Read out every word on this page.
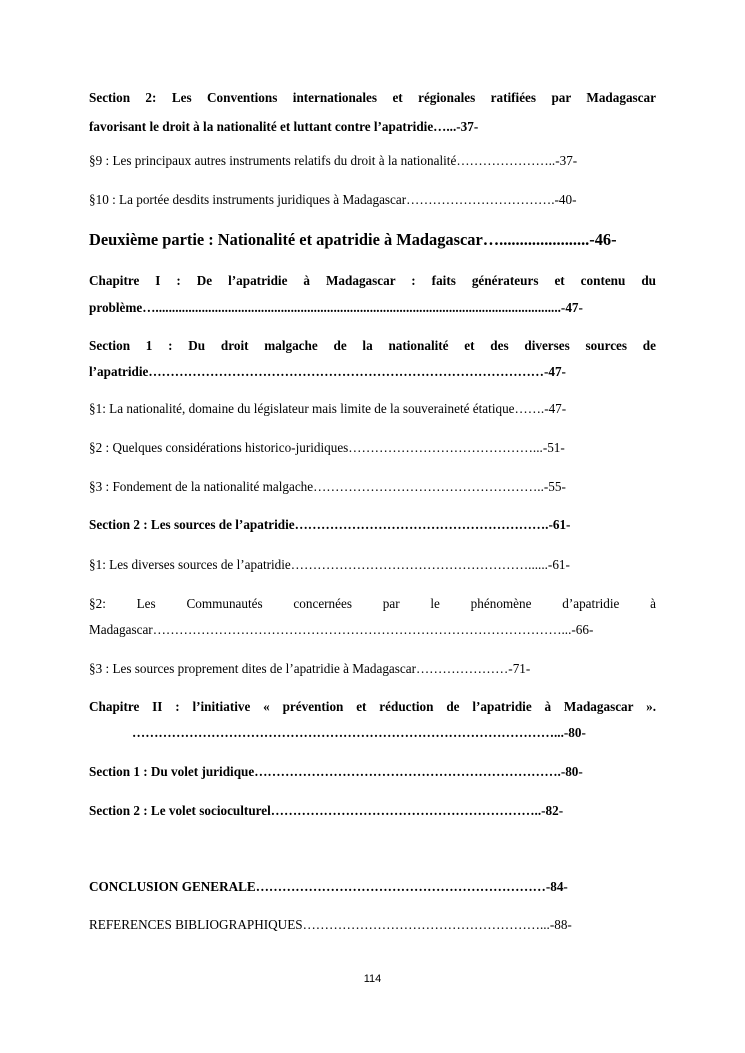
Section 2: Les Conventions internationales et régionales ratifiées par Madagascar
favorisant le droit à la nationalité et luttant contre l’apatridie…...-37-
§9 : Les principaux autres instruments relatifs du droit à la nationalité…………………..-37-
§10 : La portée desdits instruments juridiques à Madagascar…………………………….-40-
Deuxième partie : Nationalité et apatridie à Madagascar…......................-46-
Chapitre I : De l’apatridie à Madagascar : faits générateurs et contenu du
problème…...........................................................................................................................-47-
Section 1 : Du droit malgache de la nationalité et des diverses sources de
l’apatridie………………………………………………………………………………-47-
§1: La nationalité, domaine du législateur mais limite de la souveraineté étatique…….-47-
§2 : Quelques considérations historico-juridiques……………………………………...-51-
§3 : Fondement de la nationalité malgache……………………………………………..-55-
Section 2 : Les sources de l’apatridie………………………………………………….-61-
§1: Les diverses sources de l’apatridie………………………………………………......-61-
§2: Les Communautés concernées par le phénomène d’apatridie à
Madagascar…………………………………………………………………………………...-66-
§3 : Les sources proprement dites de l’apatridie à Madagascar…………………-71-
Chapitre II : l’initiative « prévention et réduction de l’apatridie à Madagascar ».
……………………………………………………………………………………...-80-
Section 1 : Du volet juridique…………………………………………………………….-80-
Section 2 : Le volet socioculturel……………………………………………………..-82-
CONCLUSION GENERALE…………………………………………………………-84-
REFERENCES BIBLIOGRAPHIQUES………………………………………………...-88-
114
